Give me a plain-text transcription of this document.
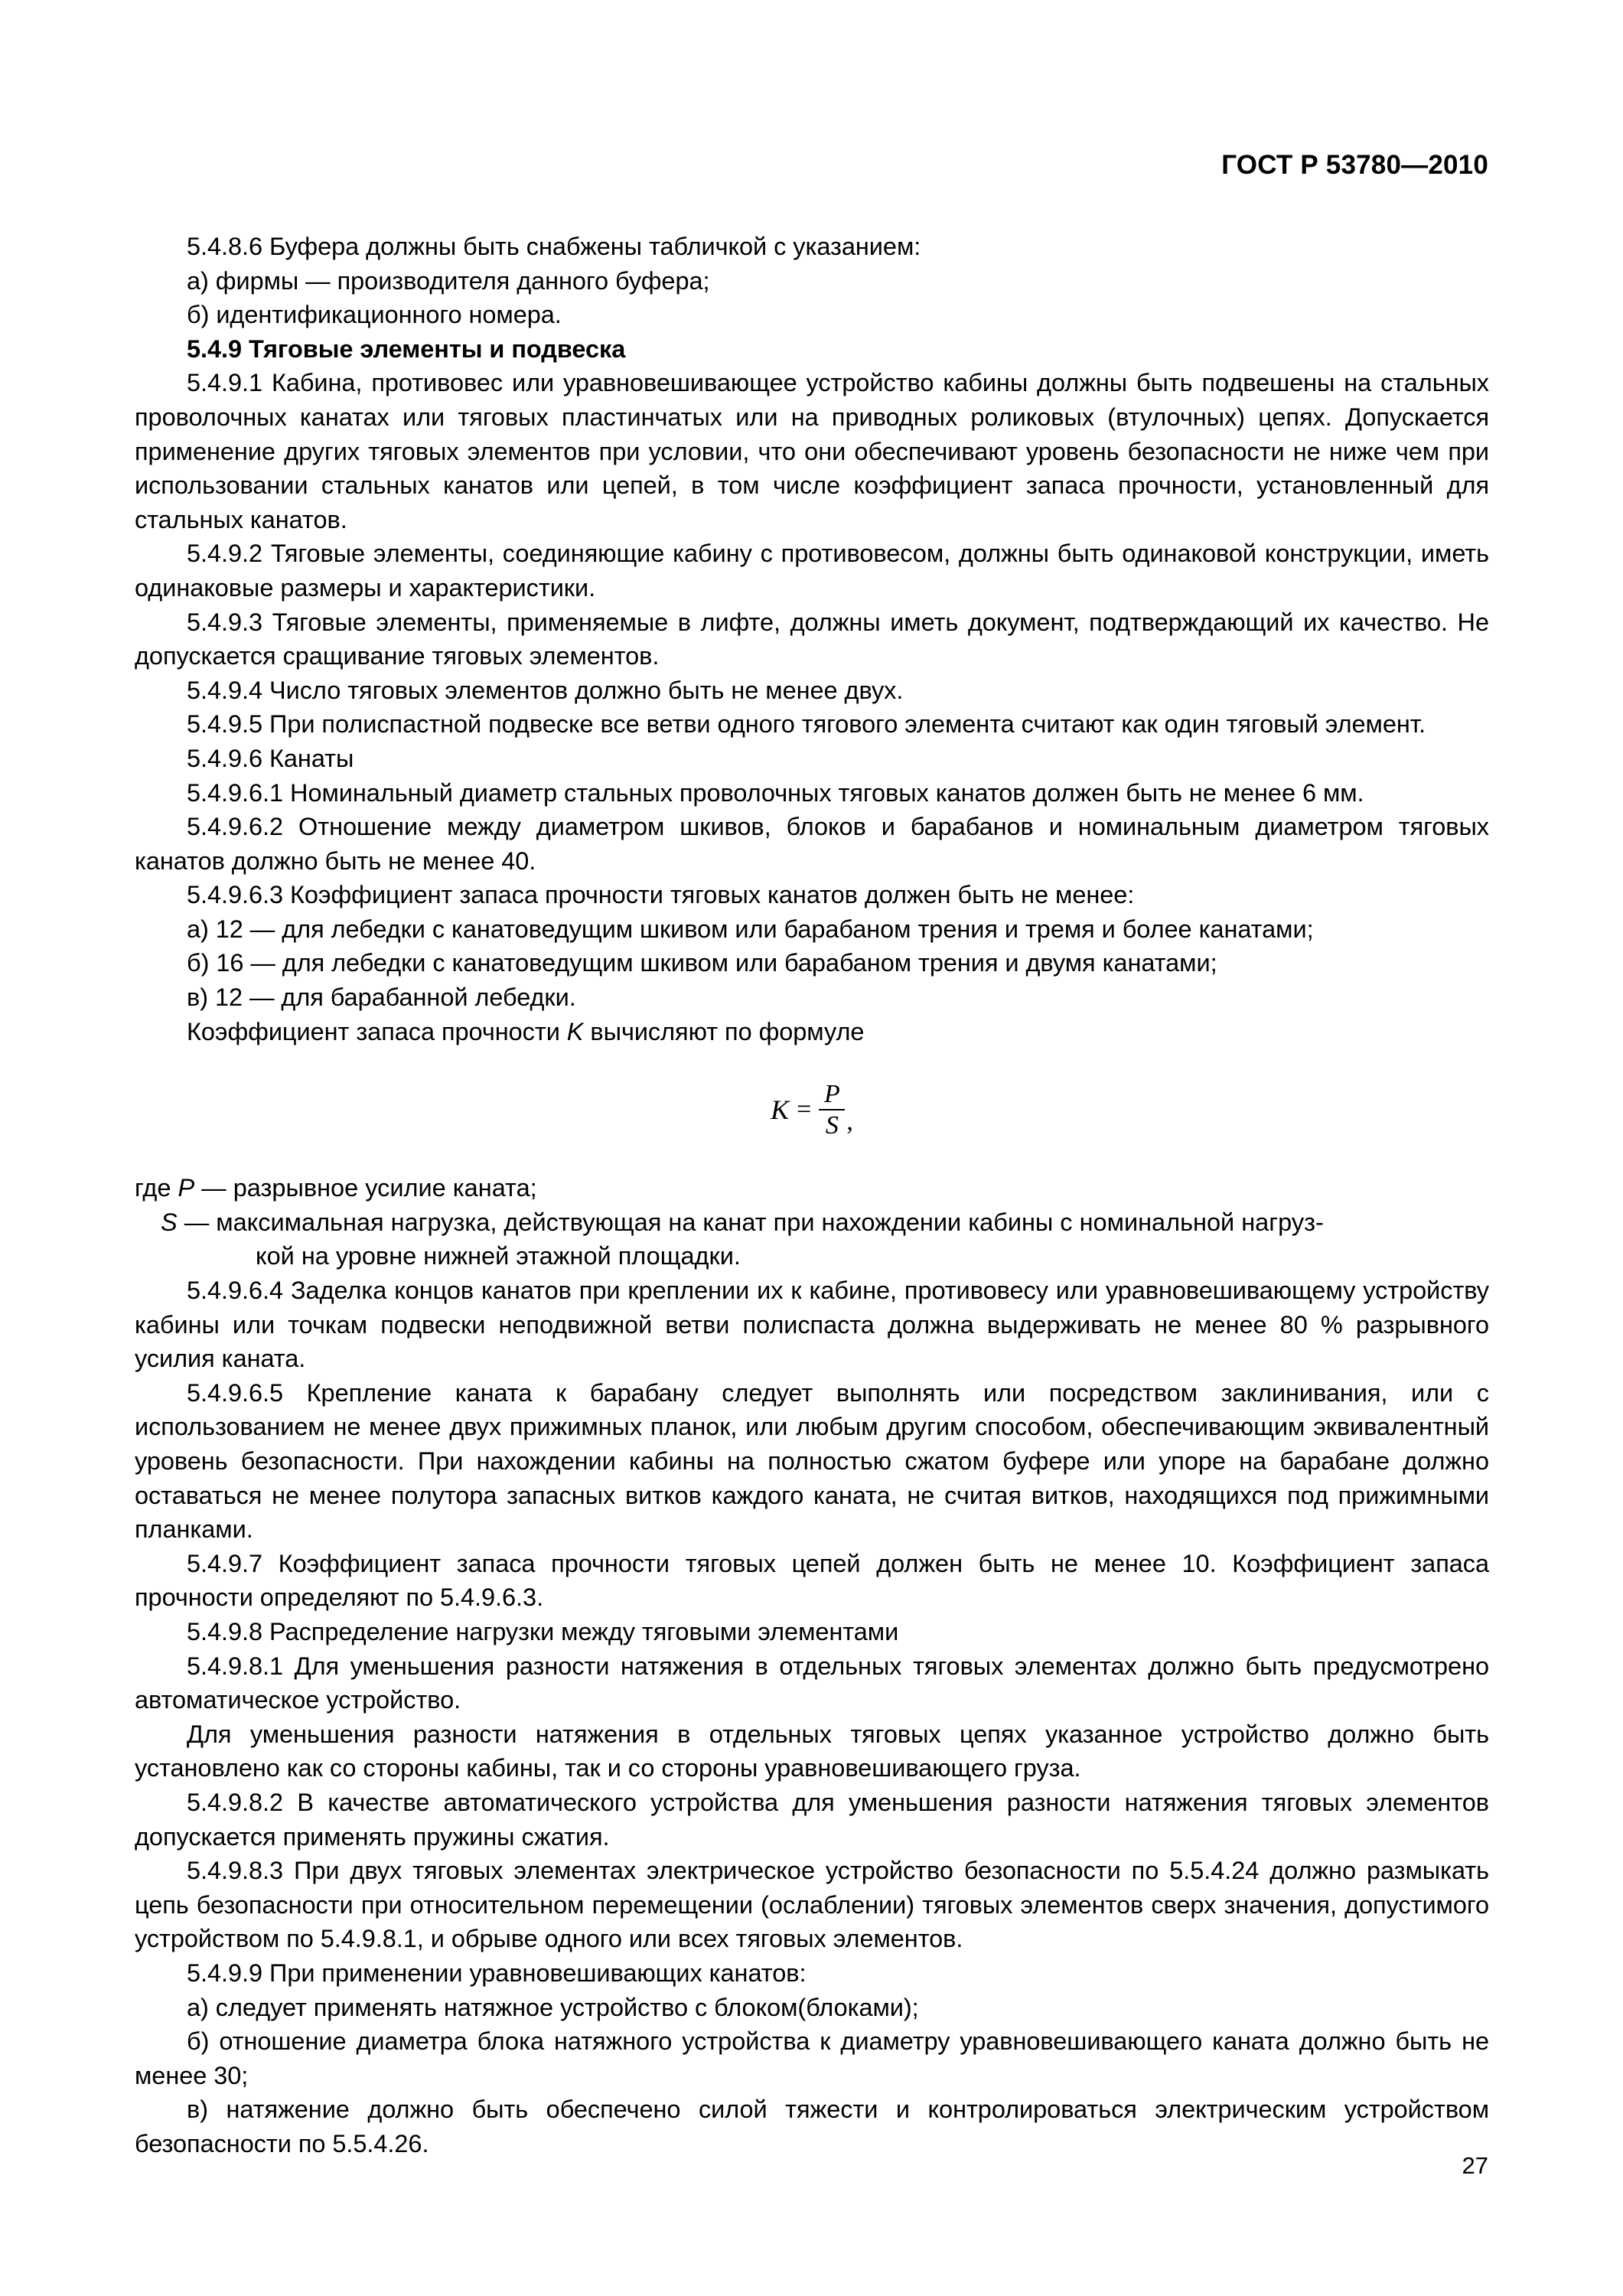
ГОСТ Р 53780—2010

5.4.8.6 Буфера должны быть снабжены табличкой с указанием:

а) фирмы — производителя данного буфера;

б) идентификационного номера.

5.4.9 Тяговые элементы и подвеска

5.4.9.1 Кабина, противовес или уравновешивающее устройство кабины должны быть подвешены на стальных проволочных канатах или тяговых пластинчатых или на приводных роликовых (втулочных) цепях. Допускается применение других тяговых элементов при условии, что они обеспечивают уровень безопасности не ниже чем при использовании стальных канатов или цепей, в том числе коэффициент запаса прочности, установленный для стальных канатов.

5.4.9.2 Тяговые элементы, соединяющие кабину с противовесом, должны быть одинаковой конструкции, иметь одинаковые размеры и характеристики.

5.4.9.3 Тяговые элементы, применяемые в лифте, должны иметь документ, подтверждающий их качество. Не допускается сращивание тяговых элементов.

5.4.9.4 Число тяговых элементов должно быть не менее двух.

5.4.9.5 При полиспастной подвеске все ветви одного тягового элемента считают как один тяговый элемент.

5.4.9.6 Канаты

5.4.9.6.1 Номинальный диаметр стальных проволочных тяговых канатов должен быть не менее 6 мм.

5.4.9.6.2 Отношение между диаметром шкивов, блоков и барабанов и номинальным диаметром тяговых канатов должно быть не менее 40.

5.4.9.6.3 Коэффициент запаса прочности тяговых канатов должен быть не менее:

а) 12 — для лебедки с канатоведущим шкивом или барабаном трения и тремя и более канатами;

б) 16 — для лебедки с канатоведущим шкивом или барабаном трения и двумя канатами;

в) 12 — для барабанной лебедки.

Коэффициент запаса прочности K вычисляют по формуле

$K = \frac{P}{S}$ ,

где P — разрывное усилие каната;

S — максимальная нагрузка, действующая на канат при нахождении кабины с номинальной нагруз-

кой на уровне нижней этажной площадки.

5.4.9.6.4 Заделка концов канатов при креплении их к кабине, противовесу или уравновешивающему устройству кабины или точкам подвески неподвижной ветви полиспаста должна выдерживать не менее 80 % разрывного усилия каната.

5.4.9.6.5 Крепление каната к барабану следует выполнять или посредством заклинивания, или с использованием не менее двух прижимных планок, или любым другим способом, обеспечивающим эквивалентный уровень безопасности. При нахождении кабины на полностью сжатом буфере или упоре на барабане должно оставаться не менее полутора запасных витков каждого каната, не считая витков, находящихся под прижимными планками.

5.4.9.7 Коэффициент запаса прочности тяговых цепей должен быть не менее 10. Коэффициент запаса прочности определяют по 5.4.9.6.3.

5.4.9.8 Распределение нагрузки между тяговыми элементами

5.4.9.8.1 Для уменьшения разности натяжения в отдельных тяговых элементах должно быть предусмотрено автоматическое устройство.

Для уменьшения разности натяжения в отдельных тяговых цепях указанное устройство должно быть установлено как со стороны кабины, так и со стороны уравновешивающего груза.

5.4.9.8.2 В качестве автоматического устройства для уменьшения разности натяжения тяговых элементов допускается применять пружины сжатия.

5.4.9.8.3 При двух тяговых элементах электрическое устройство безопасности по 5.5.4.24 должно размыкать цепь безопасности при относительном перемещении (ослаблении) тяговых элементов сверх значения, допустимого устройством по 5.4.9.8.1, и обрыве одного или всех тяговых элементов.

5.4.9.9 При применении уравновешивающих канатов:

а) следует применять натяжное устройство с блоком(блоками);

б) отношение диаметра блока натяжного устройства к диаметру уравновешивающего каната должно быть не менее 30;

в) натяжение должно быть обеспечено силой тяжести и контролироваться электрическим устройством безопасности по 5.5.4.26.

27
